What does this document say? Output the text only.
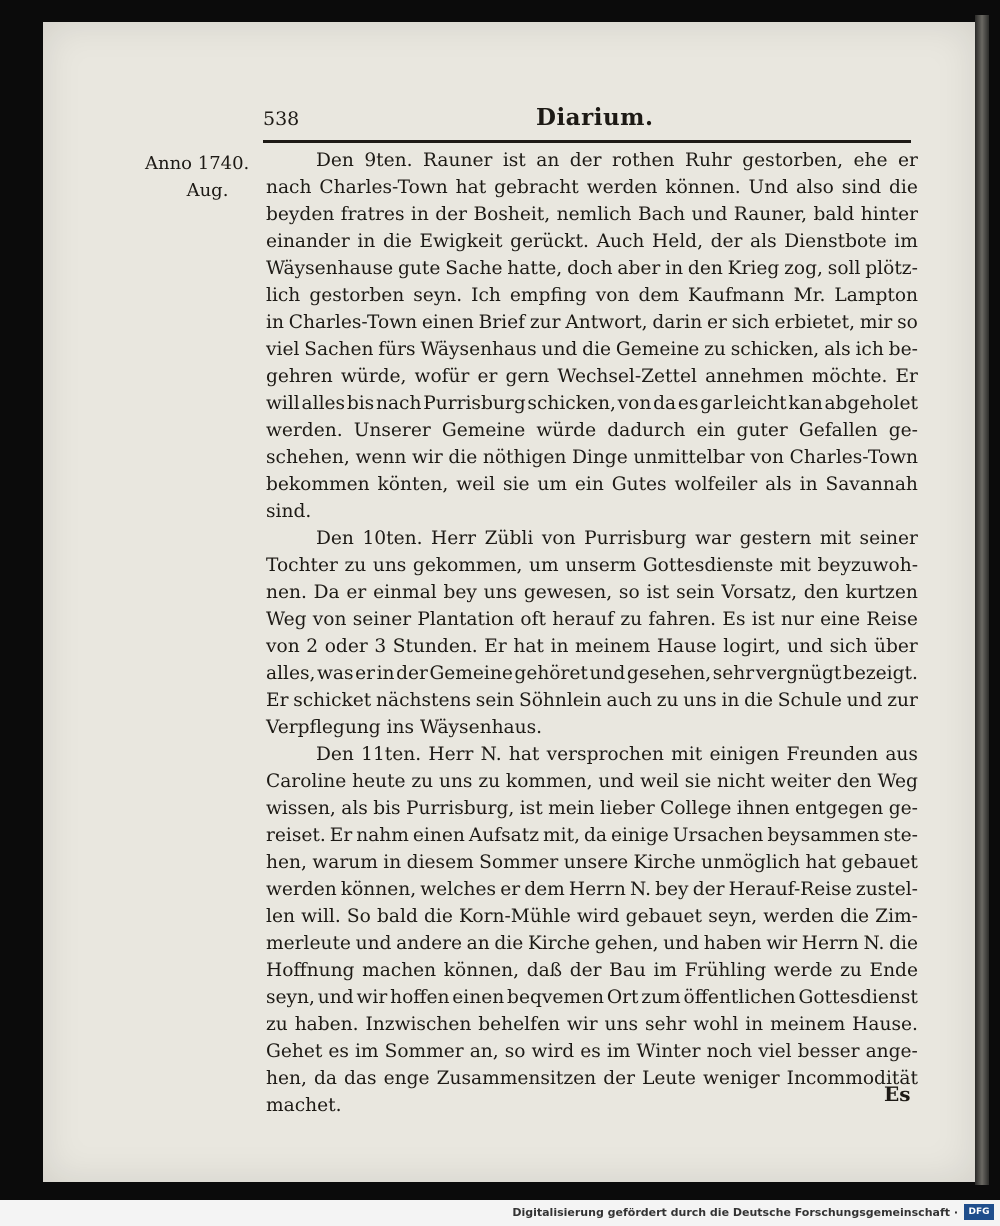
538	Diarium.
Anno 1740.
Aug.
Den 9ten. Rauner ist an der rothen Ruhr gestorben, ehe er
nach Charles-Town hat gebracht werden können. Und also sind die
beyden fratres in der Bosheit, nemlich Bach und Rauner, bald hinter
einander in die Ewigkeit gerückt. Auch Held, der als Dienstbote im
Wäysenhause gute Sache hatte, doch aber in den Krieg zog, soll plötz-
lich gestorben seyn. Ich empfing von dem Kaufmann Mr. Lampton
in Charles-Town einen Brief zur Antwort, darin er sich erbietet, mir so
viel Sachen fürs Wäysenhaus und die Gemeine zu schicken, als ich be-
gehren würde, wofür er gern Wechsel-Zettel annehmen möchte. Er
will alles bis nach Purrisburg schicken, von da es gar leicht kan abgeholet
werden. Unserer Gemeine würde dadurch ein guter Gefallen ge-
schehen, wenn wir die nöthigen Dinge unmittelbar von Charles-Town
bekommen könten, weil sie um ein Gutes wolfeiler als in Savannah
sind.
Den 10ten. Herr Zübli von Purrisburg war gestern mit seiner
Tochter zu uns gekommen, um unserm Gottesdienste mit beyzuwoh-
nen. Da er einmal bey uns gewesen, so ist sein Vorsatz, den kurtzen
Weg von seiner Plantation oft herauf zu fahren. Es ist nur eine Reise
von 2 oder 3 Stunden. Er hat in meinem Hause logirt, und sich über
alles, was er in der Gemeine gehöret und gesehen, sehr vergnügt bezeigt.
Er schicket nächstens sein Söhnlein auch zu uns in die Schule und zur
Verpflegung ins Wäysenhaus.
Den 11ten. Herr N. hat versprochen mit einigen Freunden aus
Caroline heute zu uns zu kommen, und weil sie nicht weiter den Weg
wissen, als bis Purrisburg, ist mein lieber College ihnen entgegen ge-
reiset. Er nahm einen Aufsatz mit, da einige Ursachen beysammen ste-
hen, warum in diesem Sommer unsere Kirche unmöglich hat gebauet
werden können, welches er dem Herrn N. bey der Herauf-Reise zustel-
len will. So bald die Korn-Mühle wird gebauet seyn, werden die Zim-
merleute und andere an die Kirche gehen, und haben wir Herrn N. die
Hoffnung machen können, daß der Bau im Frühling werde zu Ende
seyn, und wir hoffen einen beqvemen Ort zum öffentlichen Gottesdienst
zu haben. Inzwischen behelfen wir uns sehr wohl in meinem Hause.
Gehet es im Sommer an, so wird es im Winter noch viel besser ange-
hen, da das enge Zusammensitzen der Leute weniger Incommodität
machet.	Es
Digitalisierung gefördert durch die Deutsche Forschungsgemeinschaft ·	DFG
